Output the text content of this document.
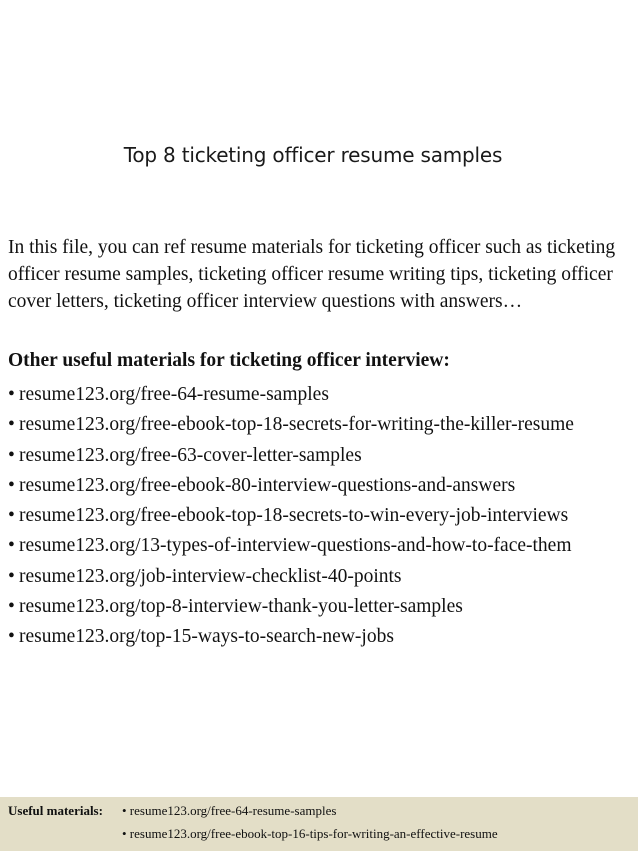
Top 8 ticketing officer resume samples

In this file, you can ref resume materials for ticketing officer such as ticketing officer resume samples, ticketing officer resume writing tips, ticketing officer cover letters, ticketing officer interview questions with answers…

Other useful materials for ticketing officer interview:
• resume123.org/free-64-resume-samples
• resume123.org/free-ebook-top-18-secrets-for-writing-the-killer-resume
• resume123.org/free-63-cover-letter-samples
• resume123.org/free-ebook-80-interview-questions-and-answers
• resume123.org/free-ebook-top-18-secrets-to-win-every-job-interviews
• resume123.org/13-types-of-interview-questions-and-how-to-face-them
• resume123.org/job-interview-checklist-40-points
• resume123.org/top-8-interview-thank-you-letter-samples
• resume123.org/top-15-ways-to-search-new-jobs
Useful materials: • resume123.org/free-64-resume-samples
• resume123.org/free-ebook-top-16-tips-for-writing-an-effective-resume
